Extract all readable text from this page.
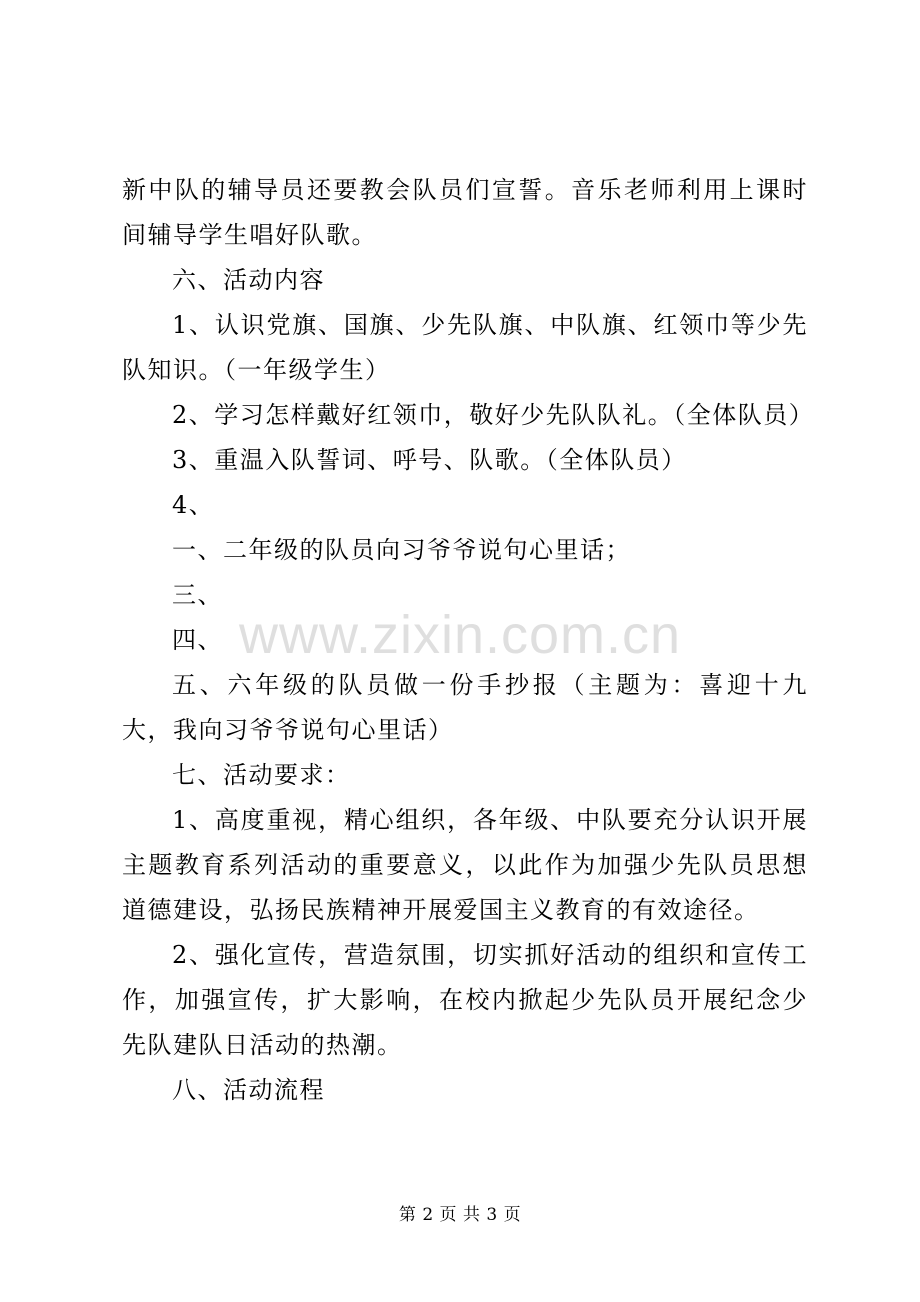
新中队的辅导员还要教会队员们宣誓。音乐老师利用上课时间辅导学生唱好队歌。

六、活动内容

1、认识党旗、国旗、少先队旗、中队旗、红领巾等少先队知识。（一年级学生）

2、学习怎样戴好红领巾，敬好少先队队礼。（全体队员）

3、重温入队誓词、呼号、队歌。（全体队员）

4、

一、二年级的队员向习爷爷说句心里话；

三、

四、

五、六年级的队员做一份手抄报（主题为：喜迎十九大，我向习爷爷说句心里话）

七、活动要求：

1、高度重视，精心组织，各年级、中队要充分认识开展主题教育系列活动的重要意义，以此作为加强少先队员思想道德建设，弘扬民族精神开展爱国主义教育的有效途径。

2、强化宣传，营造氛围，切实抓好活动的组织和宣传工作，加强宣传，扩大影响，在校内掀起少先队员开展纪念少先队建队日活动的热潮。

八、活动流程

www.zixin.com.cn
第 2 页 共 3 页
